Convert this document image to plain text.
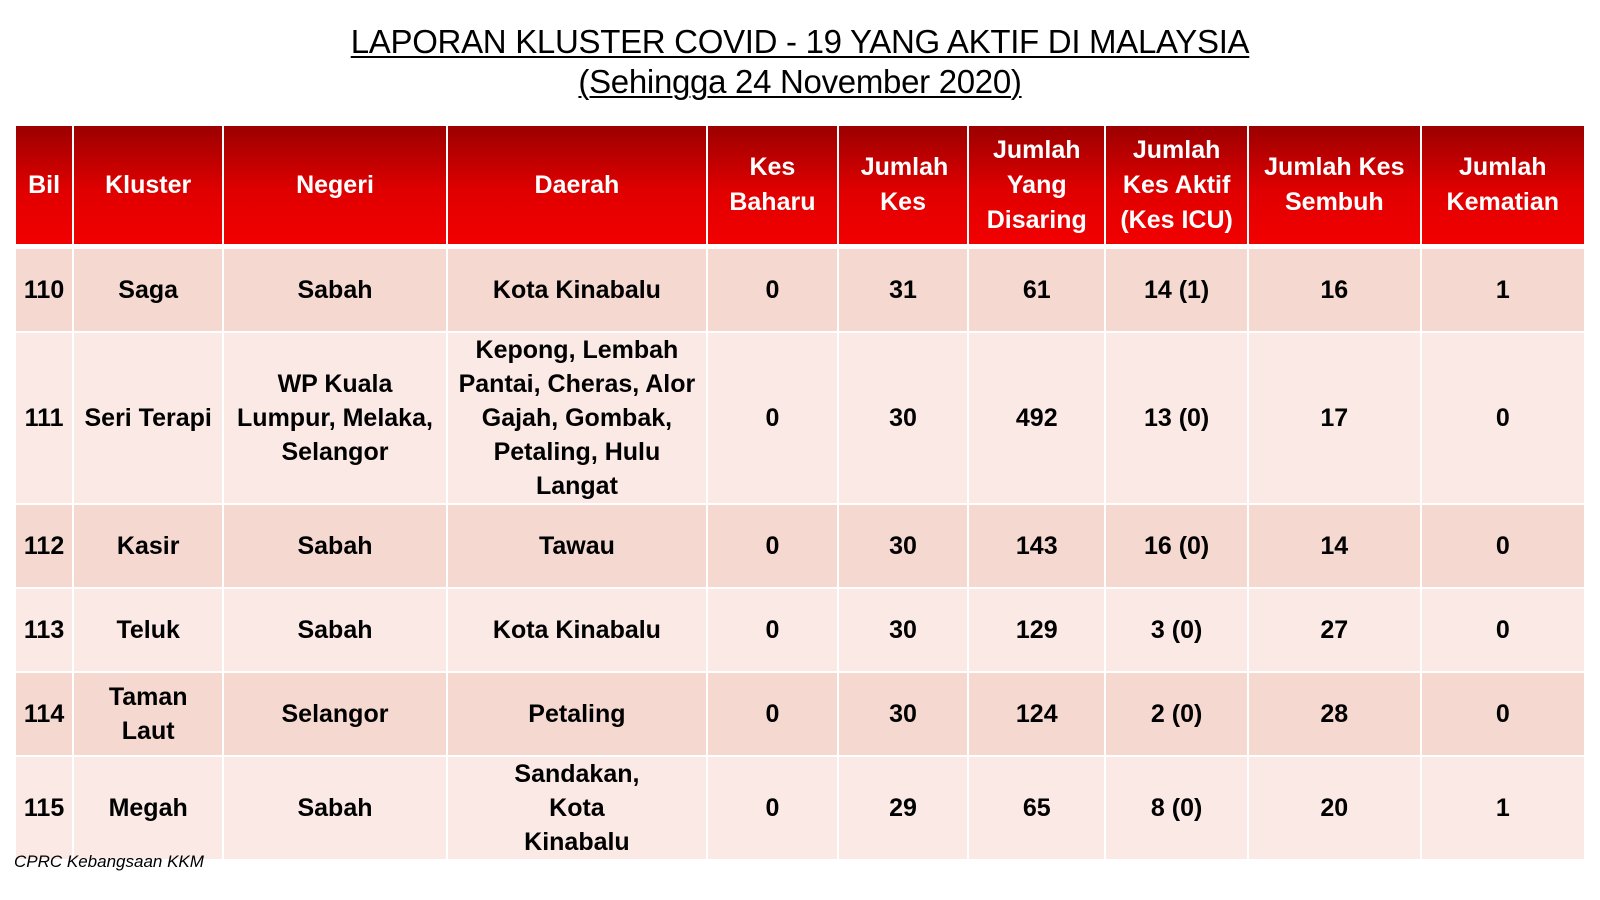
LAPORAN KLUSTER COVID - 19 YANG AKTIF DI MALAYSIA
(Sehingga 24 November 2020)
Bil	Kluster	Negeri	Daerah	Kes Baharu	Jumlah Kes	Jumlah Yang Disaring	Jumlah Kes Aktif (Kes ICU)	Jumlah Kes Sembuh	Jumlah Kematian
110	Saga	Sabah	Kota Kinabalu	0	31	61	14 (1)	16	1
111	Seri Terapi	WP Kuala Lumpur, Melaka, Selangor	Kepong, Lembah Pantai, Cheras, Alor Gajah, Gombak, Petaling, Hulu Langat	0	30	492	13 (0)	17	0
112	Kasir	Sabah	Tawau	0	30	143	16 (0)	14	0
113	Teluk	Sabah	Kota Kinabalu	0	30	129	3 (0)	27	0
114	Taman Laut	Selangor	Petaling	0	30	124	2 (0)	28	0
115	Megah	Sabah	Sandakan, Kota Kinabalu	0	29	65	8 (0)	20	1
CPRC Kebangsaan KKM
